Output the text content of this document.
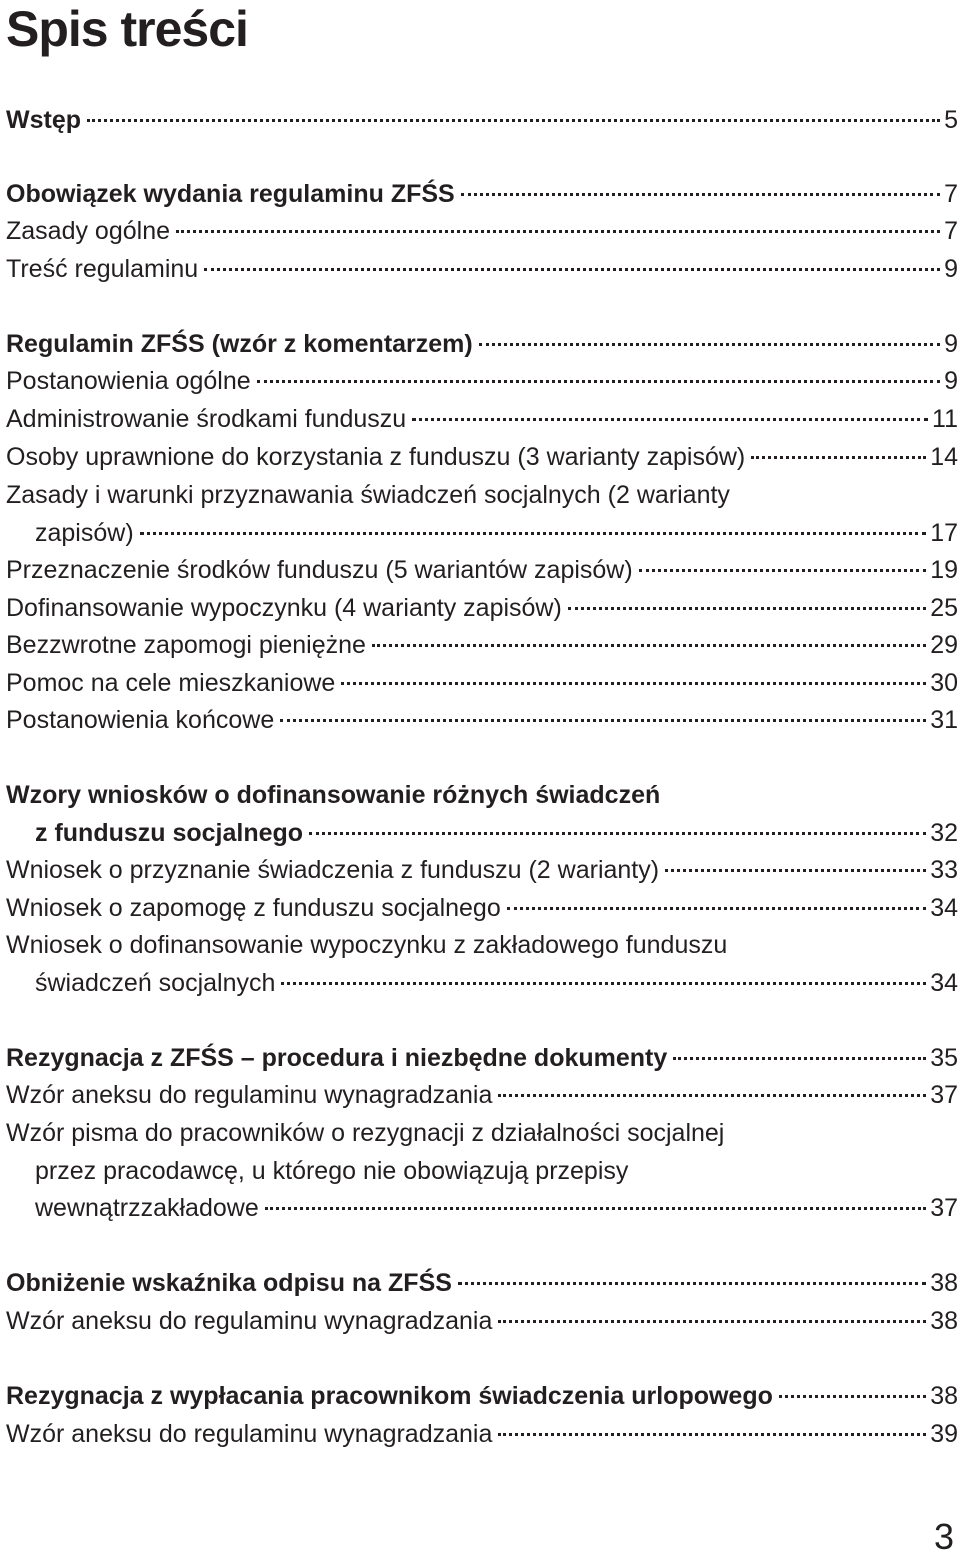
Spis treści
Wstęp	5
Obowiązek wydania regulaminu ZFŚS	7
Zasady ogólne	7
Treść regulaminu	9
Regulamin ZFŚS (wzór z komentarzem)	9
Postanowienia ogólne	9
Administrowanie środkami funduszu	11
Osoby uprawnione do korzystania z funduszu (3 warianty zapisów)	14
Zasady i warunki przyznawania świadczeń socjalnych (2 warianty
zapisów)	17
Przeznaczenie środków funduszu (5 wariantów zapisów)	19
Dofinansowanie wypoczynku (4 warianty zapisów)	25
Bezzwrotne zapomogi pieniężne	29
Pomoc na cele mieszkaniowe	30
Postanowienia końcowe	31
Wzory wniosków o dofinansowanie różnych świadczeń
z funduszu socjalnego	32
Wniosek o przyznanie świadczenia z funduszu (2 warianty)	33
Wniosek o zapomogę z funduszu socjalnego	34
Wniosek o dofinansowanie wypoczynku z zakładowego funduszu
świadczeń socjalnych	34
Rezygnacja z ZFŚS – procedura i niezbędne dokumenty	35
Wzór aneksu do regulaminu wynagradzania	37
Wzór pisma do pracowników o rezygnacji z działalności socjalnej
przez pracodawcę, u którego nie obowiązują przepisy
wewnątrzzakładowe	37
Obniżenie wskaźnika odpisu na ZFŚS	38
Wzór aneksu do regulaminu wynagradzania	38
Rezygnacja z wypłacania pracownikom świadczenia urlopowego	38
Wzór aneksu do regulaminu wynagradzania	39
3
